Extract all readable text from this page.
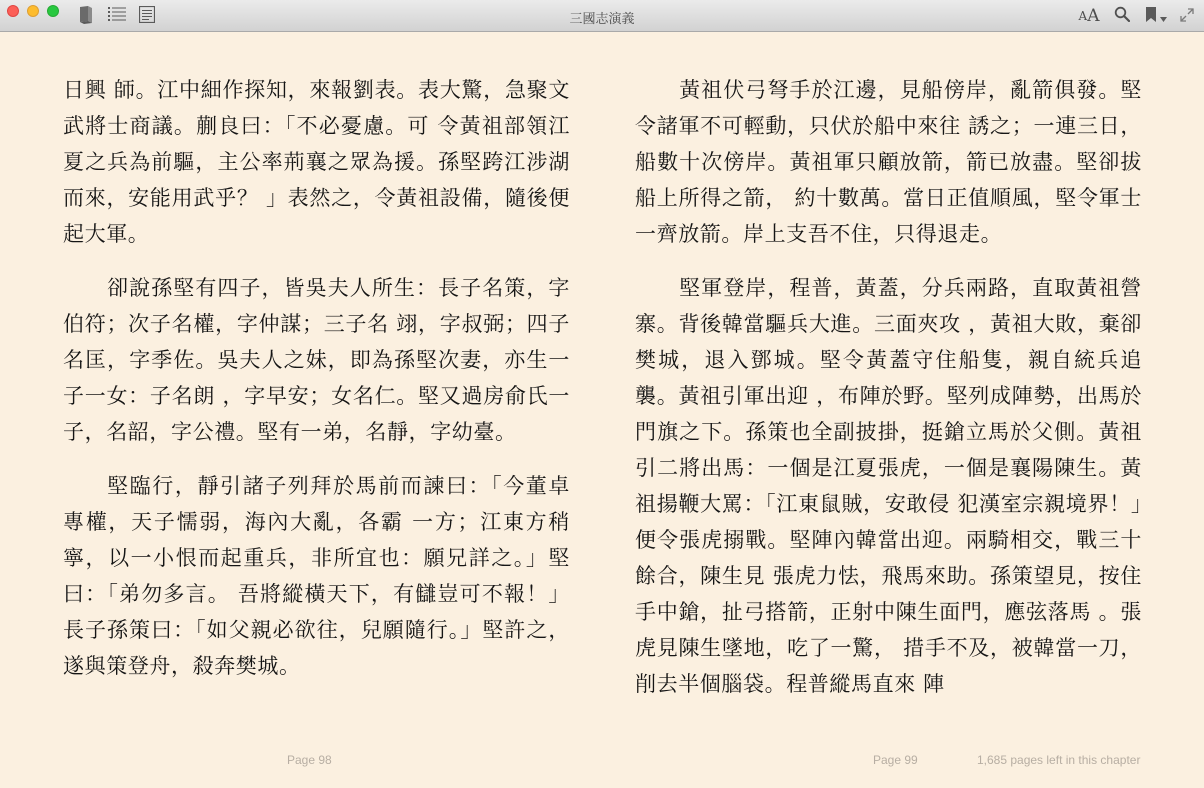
三國志演義	A A

日興 師。江中細作探知，來報劉表。表大驚，急聚文武將士商議。蒯良曰：「不必憂慮。可 令黃祖部領江夏之兵為前驅，主公率荊襄之眾為援。孫堅跨江涉湖而來，安能用武乎？ 」表然之，令黃祖設備，隨後便起大軍。

卻說孫堅有四子，皆吳夫人所生：長子名策，字伯符；次子名權，字仲謀；三子名 翊，字叔弼；四子名匡，字季佐。吳夫人之妹，即為孫堅次妻，亦生一子一女：子名朗 ，字早安；女名仁。堅又過房俞氏一子，名韶，字公禮。堅有一弟，名靜，字幼臺。

堅臨行，靜引諸子列拜於馬前而諫曰：「今董卓專權，天子懦弱，海內大亂，各霸 一方；江東方稍寧，以一小恨而起重兵，非所宜也：願兄詳之。」堅曰：「弟勿多言。 吾將縱橫天下，有讎豈可不報！」長子孫策曰：「如父親必欲往，兒願隨行。」堅許之，遂與策登舟，殺奔樊城。

黃祖伏弓弩手於江邊，見船傍岸，亂箭俱發。堅令諸軍不可輕動，只伏於船中來往 誘之；一連三日，船數十次傍岸。黃祖軍只顧放箭，箭已放盡。堅卻拔船上所得之箭， 約十數萬。當日正值順風，堅令軍士一齊放箭。岸上支吾不住，只得退走。

堅軍登岸，程普，黃蓋，分兵兩路，直取黃祖營寨。背後韓當驅兵大進。三面夾攻 ，黃祖大敗，棄卻樊城，退入鄧城。堅令黃蓋守住船隻，親自統兵追襲。黃祖引軍出迎 ，布陣於野。堅列成陣勢，出馬於門旗之下。孫策也全副披掛，挺鎗立馬於父側。黃祖 引二將出馬：一個是江夏張虎，一個是襄陽陳生。黃祖揚鞭大罵：「江東鼠賊，安敢侵 犯漢室宗親境界！」便令張虎搦戰。堅陣內韓當出迎。兩騎相交，戰三十餘合，陳生見 張虎力怯，飛馬來助。孫策望見，按住手中鎗，扯弓搭箭，正射中陳生面門，應弦落馬 。張虎見陳生墜地，吃了一驚， 措手不及，被韓當一刀，削去半個腦袋。程普縱馬直來 陣

Page 98	Page 99	1,685 pages left in this chapter
